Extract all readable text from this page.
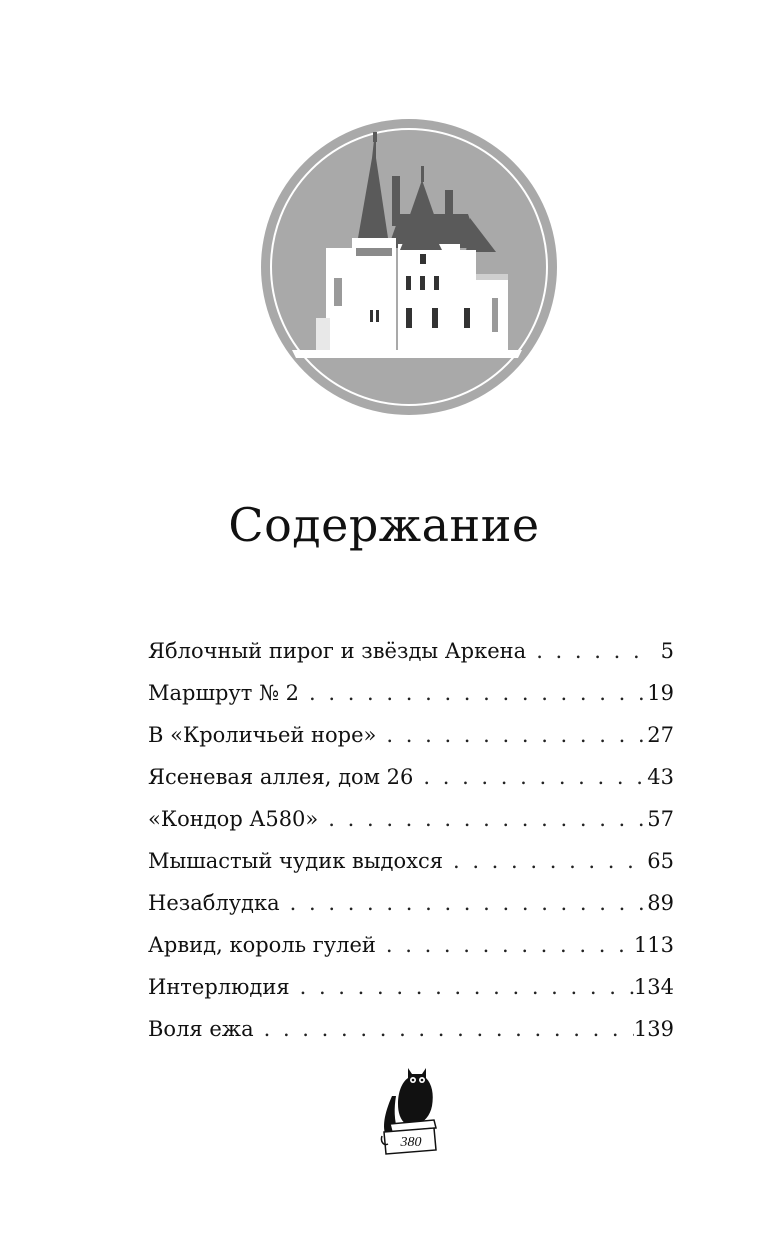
Содержание
Яблочный пирог и звёзды Аркена . . .	5
Маршрут № 2 . . .	19
В «Кроличьей норе» . . .	27
Ясеневая аллея, дом 26 . . .	43
«Кондор А580» . . .	57
Мышастый чудик выдохся . . .	65
Незаблудка . . .	89
Арвид, король гулей . . .	113
Интерлюдия . . .	134
Воля ежа . . .	139
380
